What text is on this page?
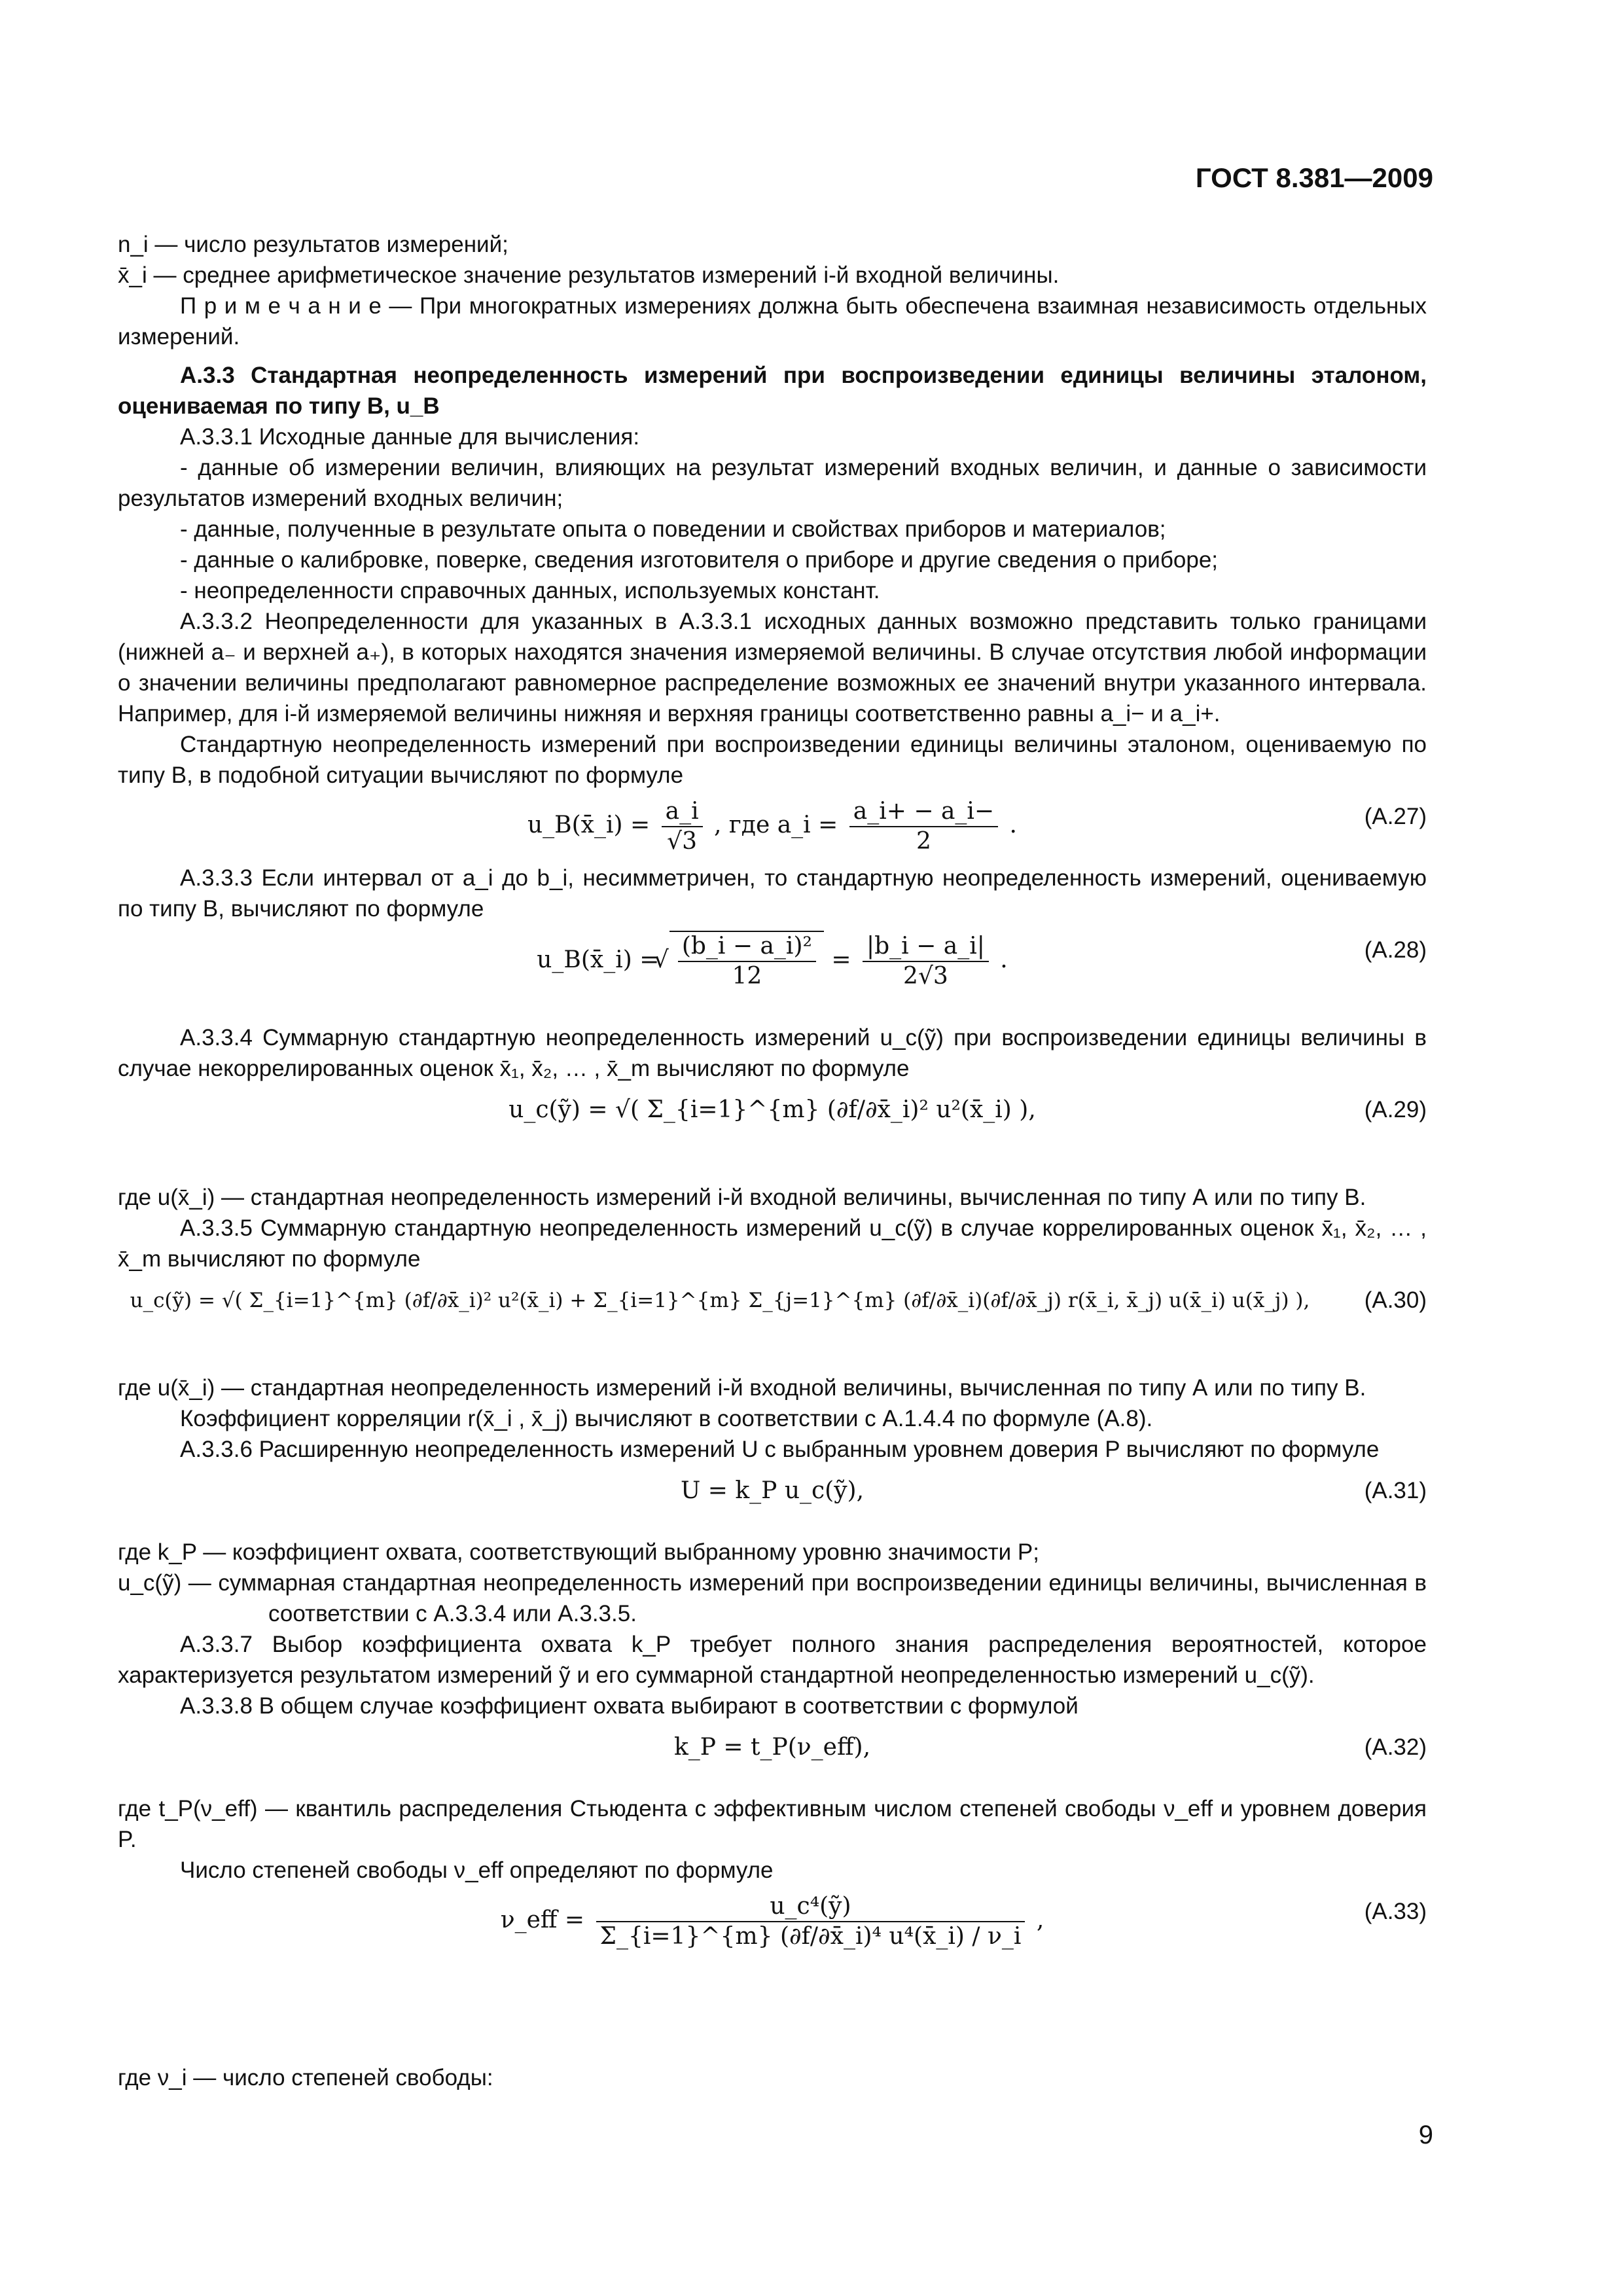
ГОСТ 8.381—2009

n_i — число результатов измерений;

x̄_i — среднее арифметическое значение результатов измерений i-й входной величины.

П р и м е ч а н и е — При многократных измерениях должна быть обеспечена взаимная независимость отдельных измерений.

А.3.3 Стандартная неопределенность измерений при воспроизведении единицы величины эталоном, оцениваемая по типу В, u_B

А.3.3.1 Исходные данные для вычисления:

- данные об измерении величин, влияющих на результат измерений входных величин, и данные о зависимости результатов измерений входных величин;

- данные, полученные в результате опыта о поведении и свойствах приборов и материалов;

- данные о калибровке, поверке, сведения изготовителя о приборе и другие сведения о приборе;

- неопределенности справочных данных, используемых констант.

А.3.3.2 Неопределенности для указанных в А.3.3.1 исходных данных возможно представить только границами (нижней a₋ и верхней a₊), в которых находятся значения измеряемой величины. В случае отсутствия любой информации о значении величины предполагают равномерное распределение возможных ее значений внутри указанного интервала. Например, для i-й измеряемой величины нижняя и верхняя границы соответственно равны a_i− и a_i+.

Стандартную неопределенность измерений при воспроизведении единицы величины эталоном, оцениваемую по типу В, в подобной ситуации вычисляют по формуле

u_B(x̄_i) = $\frac{a\_i}{√3}$ , где a_i = $\frac{a\_i+ - a\_i-}{2}$ .	(А.27)

А.3.3.3 Если интервал от a_i до b_i, несимметричен, то стандартную неопределенность измерений, оцениваемую по типу В, вычисляют по формуле

u_B(x̄_i) =
√ $\frac{\text{(b\_i − a\_i)²}}{12} = \frac{|b\_i - a\_i|}{2√3}$ .	(А.28)

А.3.3.4 Суммарную стандартную неопределенность измерений u_c(ỹ) при воспроизведении единицы величины в случае некоррелированных оценок x̄₁, x̄₂, … , x̄_m вычисляют по формуле

u_c(ỹ) = √( Σ_{i=1}^{m} (∂f/∂x̄_i)² u²(x̄_i) ),	(А.29)

где u(x̄_i) — стандартная неопределенность измерений i-й входной величины, вычисленная по типу А или по типу В.

А.3.3.5 Суммарную стандартную неопределенность измерений u_c(ỹ) в случае коррелированных оценок x̄₁, x̄₂, … , x̄_m вычисляют по формуле

u_c(ỹ) = √( Σ_{i=1}^{m} (∂f/∂x̄_i)² u²(x̄_i) + Σ_{i=1}^{m} Σ_{j=1}^{m} (∂f/∂x̄_i)(∂f/∂x̄_j) r(x̄_i, x̄_j) u(x̄_i) u(x̄_j) ),	(А.30)

где u(x̄_i) — стандартная неопределенность измерений i-й входной величины, вычисленная по типу А или по типу В.

Коэффициент корреляции r(x̄_i , x̄_j) вычисляют в соответствии с А.1.4.4 по формуле (А.8).

А.3.3.6 Расширенную неопределенность измерений U с выбранным уровнем доверия P вычисляют по формуле

U = k_P u_c(ỹ),	(А.31)

где k_P — коэффициент охвата, соответствующий выбранному уровню значимости P;

u_c(ỹ) — суммарная стандартная неопределенность измерений при воспроизведении единицы величины, вычисленная в соответствии с А.3.3.4 или А.3.3.5.

А.3.3.7 Выбор коэффициента охвата k_P требует полного знания распределения вероятностей, которое характеризуется результатом измерений ỹ и его суммарной стандартной неопределенностью измерений u_c(ỹ).

А.3.3.8 В общем случае коэффициент охвата выбирают в соответствии с формулой

k_P = t_P(ν_eff),	(А.32)

где t_P(ν_eff) — квантиль распределения Стьюдента с эффективным числом степеней свободы ν_eff и уровнем доверия P.

Число степеней свободы ν_eff определяют по формуле

ν_eff = $\frac{\text{u\_c⁴(ỹ)}}{\text{Σ\_\{i=1\}\textasciicircum{}\{m\} (∂f/∂x̄\_i)⁴ u⁴(x̄\_i) / ν\_i}}$ ,	(А.33)

где ν_i — число степеней свободы:

9
